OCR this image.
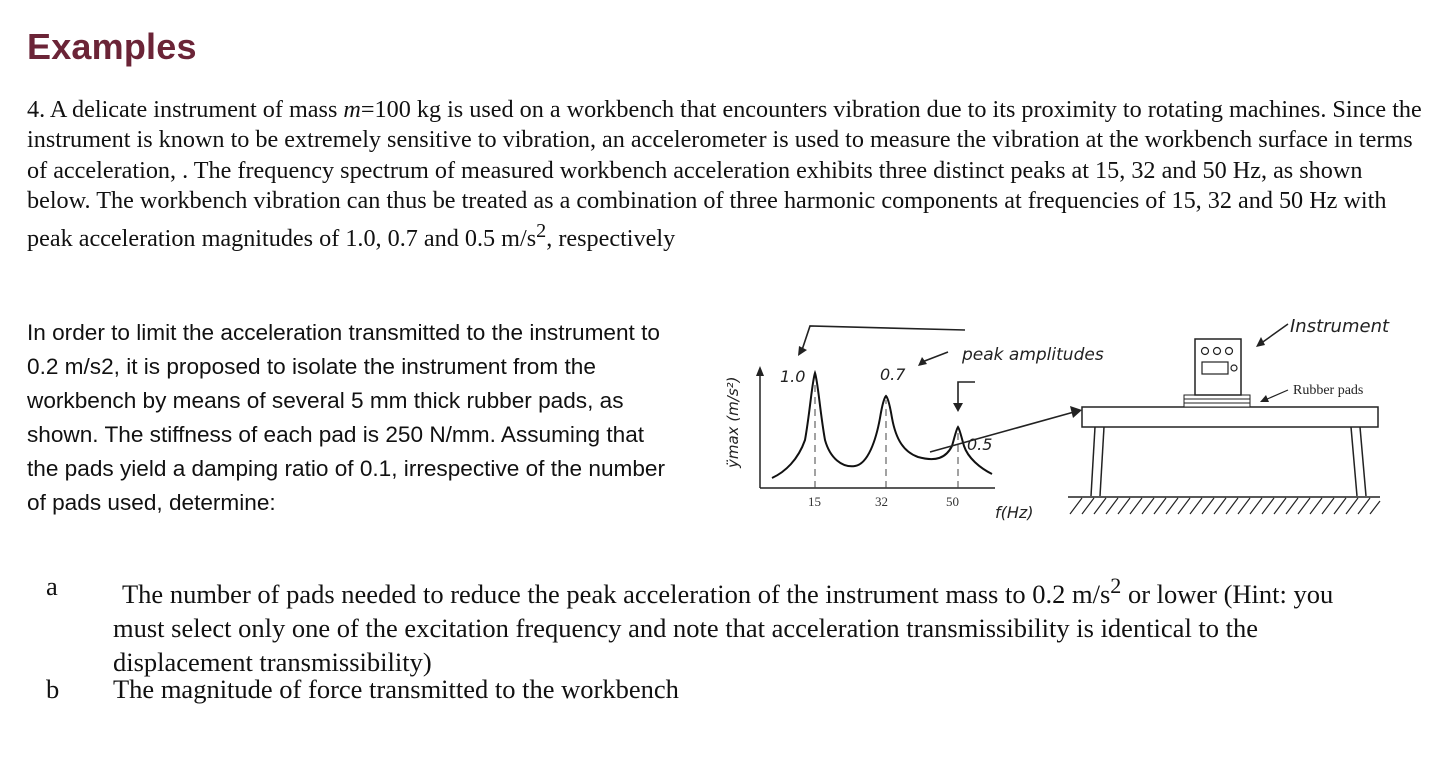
Examples

4. A delicate instrument of mass m=100 kg is used on a workbench that encounters vibration due to its proximity to rotating machines. Since the instrument is known to be extremely sensitive to vibration, an accelerometer is used to measure the vibration at the workbench surface in terms of acceleration, . The frequency spectrum of measured workbench acceleration exhibits three distinct peaks at 15, 32 and 50 Hz, as shown below. The workbench vibration can thus be treated as a combination of three harmonic components at frequencies of 15, 32 and 50 Hz with peak acceleration magnitudes of 1.0, 0.7 and 0.5 $m/s^2$, respectively

In order to limit the acceleration transmitted to the instrument to 0.2 m/s2, it is proposed to isolate the instrument from the workbench by means of several 5 mm thick rubber pads, as shown. The stiffness of each pad is 250 N/mm. Assuming that the pads yield a damping ratio of 0.1, irrespective of the number of pads used, determine:

ÿmax (m/s²)
15	32	50
f(Hz)
1.0	0.7
0.5
peak amplitudes
Instrument
Rubber pads
a	The number of pads needed to reduce the peak acceleration of the instrument mass to 0.2 $m/s^2$ or lower (Hint: you must select only one of the excitation frequency and note that acceleration transmissibility is identical to the displacement transmissibility)
b The magnitude of force transmitted to the workbench
